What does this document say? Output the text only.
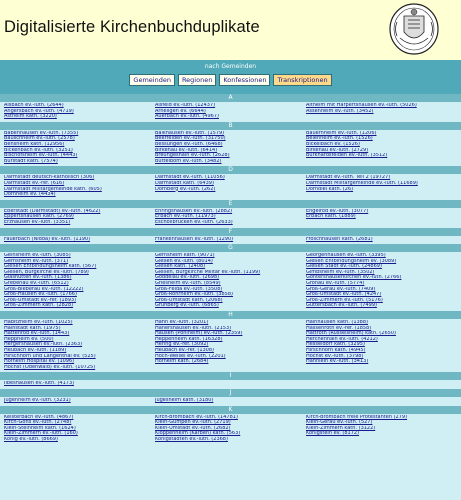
Digitalisierte Kirchenbuchduplikate
nach Gemeinden
Gemeinden	Regionen	Konfessionen	Transkriptionen
A
Alsbach ev.-luth. (2644)	Alsfeld ev.-luth. (12437)	Altheim mit Harpertshausen ev.-luth. (5026)
Angersbach ev.-luth. (4719)	Arheilgen ev. (6644)	Assenheim ev.-luth. (3452)
Astheim kath. (3220)	Auerbach ev.-luth. (4967)
B
Babenhausen ev.-luth. (7355)	Balkhausen ev.-luth. (1579)	Bauernheim ev.-luth. (1206)
Bauschheim ev.-luth. (2578)	Beerfelden ev.-luth. (31750)	Beienheim ev.-luth. (1526)
Bensheim kath. (12956)	Bessungen ev.-luth. (6468)	Bickelbach ev. (1526)
Bickenbach ev.-luth. (3251)	Birkenau ev.-luth. (6414)	Birkenau ev.-luth. (2729)
Bischofsheim ev.-luth. (4443)	Breungeshain ev.-luth. (2628)	Burkhardsfelden ev.-luth. (3512)
Bürstadt kath. (7574)	Büttelborn ev.-luth. (3482)
D
Darmstadt deutsch-katholisch (306)	Darmstadt ev.-luth. (11056)	Darmstadt ev.-luth. Teil 2 (19727)
Darmstadt ev.-ref. (616)	Darmstadt kath. (6439)	Darmstadt Militärgemeinde ev.-luth. (11689)
Darmstadt Militärgemeinde kath. (605)	Dornberg ev.-luth. (262)	Dorndiel kath. (26)
Dornheim ev. (4434)
E
Eberstadt (Darmstadt) ev.-luth. (4622)	Ehringshausen ev.-luth. (2882)	Engelrod ev.-luth. (3077)
Eppertshausen kath. (2769)	Erbach ev.-luth. (11973)	Erbach kath. (1889)
Erzhausen ev.-luth. (3351)	Eschollbrücken ev.-luth. (2633)
F
Fauerbach (Nidda) ev.-luth. (1190)	Frankenhausen ev.-luth. (1290)	Froschhausen kath. (2681)
G
Geinsheim ev.-luth. (3085)	Gernsheim kath. (9071)	Georgenhausen ev.-luth. (3395)
Gernsheim ev.-luth. (371)	Gießen ev.-luth. (8014)	Gießen Entbindungsheim ev. (3089)
Gießen Entbindungsheim kath. (567)	Gießen kath. (2408)	Gießen Stadt ev.-luth. (24869)
Gießen, Burgkirche ev.-luth. (789)	Gießen, Burgkirche Militär ev.-luth. (1199)	Gimbsheim ev.-luth. (3502)
Glashütten ev.-luth. (1386)	Goddelau ev.-luth. (2698)	Gontershäuserkirchen ev.-luth. (2766)
Grebenau ev.-luth. (6512)	Griesheim ev.-luth. (8549)	Gronau ev.-luth. (5774)
Groß-Bieberau ev.-luth. (12222)	Groß-Felda ev.-luth. (3508)	Groß-Gerau ev.-luth. (7409)
Groß-Hausen ev.-luth. (1766)	Groß-Rohrheim ev.-luth. (3858)	Groß-Umstadt ev.-luth. (4247)
Groß-Umstadt ev.-ref. (1893)	Groß-Umstadt kath. (2068)	Groß-Zimmern ev.-luth. (5176)
Groß-Zimmern kath. (2828)	Grünberg ev.-luth. (6865)	Güttersbach ev.-luth. (7499)
H
Habitzheim ev.-luth. (1025)	Hahn ev.-luth. (3201)	Hainhausen kath. (1388)
Hainstadt kath. (1975)	Hanershausen ev.-luth. (2153)	Hassenroth ev.-ref. (1858)
Hattenrod ev.-luth. (1443)	Hausen (Pohlheim) ev.-luth. (2359)	Hattroth (Rüsselsheim) kath. (2650)
Heppheim ev. (500)	Heppenheim kath. (16328)	Herchenhain ev.-luth. (4212)
Hergershausen ev.-luth. (2363)	Hering ev.-ref. (3092)	Hesseldorf kath. (3295)
Heubach ev.-luth. (1189)	Heubach ev.-ref. (1308)	Hirschhorn kath. (4945)
Hirschhorn und Langenthal ev. (525)	Hoch-Weisel ev.-luth. (2201)	Höchst ev.-luth. (3798)
Hofheim Hospital ev. (1096)	Hofheim kath. (2684)	Hähnlein ev.-luth. (3413)
Höchst (Odenwald) ev.-luth. (10725)
I
Ilbeshausen ev.-luth. (4173)
J
Jugenheim ev.-luth. (3231)	Jugesheim kath. (3180)
K
Kelsterbach ev.-luth. (4867)	Kirch-Brombach ev.-luth. (14781)	Kirch-Brombach freie Protestanten (279)
Kirch-Göns ev.-luth. (2748)	Klein-Gumpen ev.-luth. (2719)	Klein-Gerau ev.-luth. (527)
Klein-Steinheim kath. (1624)	Klein-Umstadt ev.-luth. (2682)	Klein-Zimmern kath. (3122)
Klein-Zimmern ev.-luth. (160)	Kloppenheim (Karben) kath. (563)	Königstein ev. (8172)
König ev.-luth. (8669)	Königstädten ev.-luth. (2368)
